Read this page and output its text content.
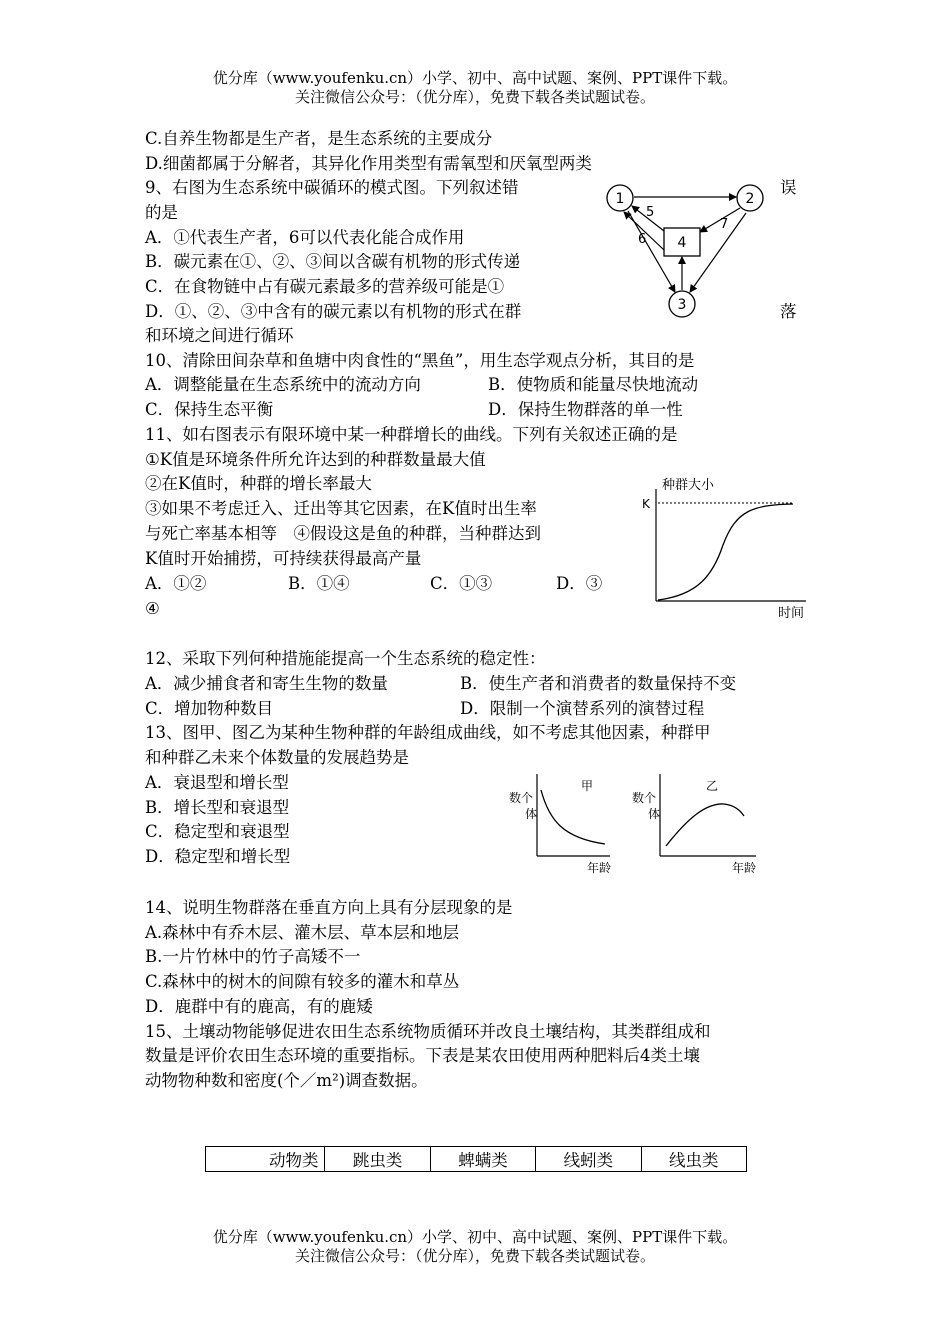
优分库（www.youfenku.cn）小学、初中、高中试题、案例、PPT课件下载。
关注微信公众号：（优分库），免费下载各类试题试卷。
C.自养生物都是生产者，是生态系统的主要成分
D.细菌都属于分解者，其异化作用类型有需氧型和厌氧型两类
9、右图为生态系统中碳循环的模式图。下列叙述错	误
的是
A．①代表生产者，6可以代表化能合成作用
B．碳元素在①、②、③间以含碳有机物的形式传递
C．在食物链中占有碳元素最多的营养级可能是①
D．①、②、③中含有的碳元素以有机物的形式在群	落
和环境之间进行循环
1	2
3
4
5
6
7
10、清除田间杂草和鱼塘中肉食性的“黑鱼”，用生态学观点分析，其目的是
A．调整能量在生态系统中的流动方向	B．使物质和能量尽快地流动
C．保持生态平衡	D．保持生物群落的单一性
11、如右图表示有限环境中某一种群增长的曲线。下列有关叙述正确的是
①K值是环境条件所允许达到的种群数量最大值
②在K值时，种群的增长率最大
③如果不考虑迁入、迁出等其它因素，在K值时出生率
与死亡率基本相等　④假设这是鱼的种群，当种群达到
K值时开始捕捞，可持续获得最高产量
A．①②	B．①④	C．①③	D．③
④
种群大小
K
时间
12、采取下列何种措施能提高一个生态系统的稳定性：
A．减少捕食者和寄生生物的数量	B．使生产者和消费者的数量保持不变
C．增加物种数目	D．限制一个演替系列的演替过程
13、图甲、图乙为某种生物种群的年龄组成曲线，如不考虑其他因素，种群甲
和种群乙未来个体数量的发展趋势是
A．衰退型和增长型
B．增长型和衰退型
C．稳定型和衰退型
D．稳定型和增长型
甲
数个
体
年龄
乙
数个
体
年龄
14、说明生物群落在垂直方向上具有分层现象的是
A.森林中有乔木层、灌木层、草本层和地层
B.一片竹林中的竹子高矮不一
C.森林中的树木的间隙有较多的灌木和草丛
D．鹿群中有的鹿高，有的鹿矮
15、土壤动物能够促进农田生态系统物质循环并改良土壤结构，其类群组成和
数量是评价农田生态环境的重要指标。下表是某农田使用两种肥料后4类土壤
动物物种数和密度(个／m²)调查数据。
动物类	跳虫类	蜱螨类	线蚓类	线虫类
优分库（www.youfenku.cn）小学、初中、高中试题、案例、PPT课件下载。
关注微信公众号：（优分库），免费下载各类试题试卷。
